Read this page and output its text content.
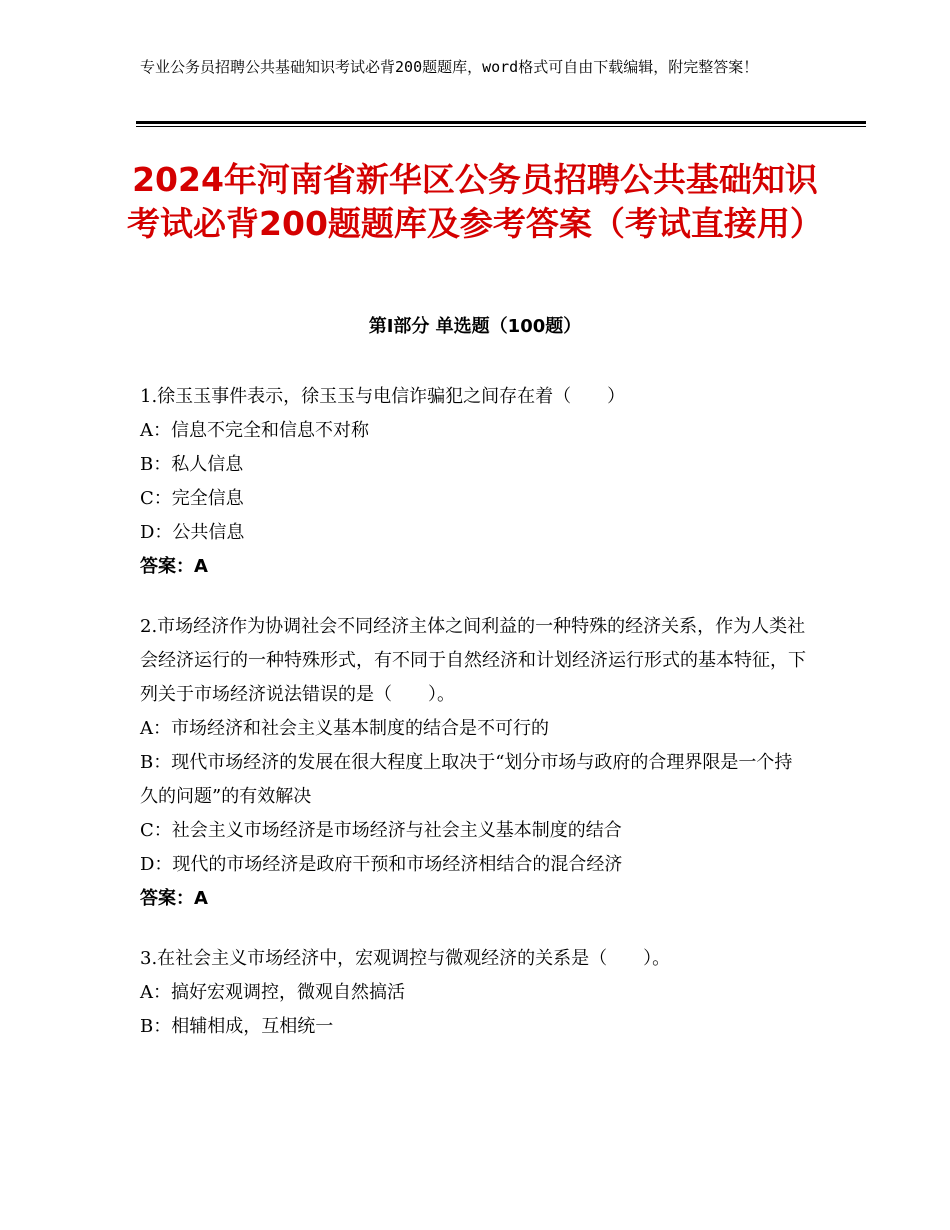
专业公务员招聘公共基础知识考试必背200题题库，word格式可自由下载编辑，附完整答案！
2024年河南省新华区公务员招聘公共基础知识考试必背200题题库及参考答案（考试直接用）
第Ⅰ部分 单选题（100题）

1.徐玉玉事件表示，徐玉玉与电信诈骗犯之间存在着（　　）

A：信息不完全和信息不对称

B：私人信息

C：完全信息

D：公共信息

答案：A

2.市场经济作为协调社会不同经济主体之间利益的一种特殊的经济关系，作为人类社会经济运行的一种特殊形式，有不同于自然经济和计划经济运行形式的基本特征，下列关于市场经济说法错误的是（　　）。

A：市场经济和社会主义基本制度的结合是不可行的

B：现代市场经济的发展在很大程度上取决于“划分市场与政府的合理界限是一个持久的问题”的有效解决

C：社会主义市场经济是市场经济与社会主义基本制度的结合

D：现代的市场经济是政府干预和市场经济相结合的混合经济

答案：A

3.在社会主义市场经济中，宏观调控与微观经济的关系是（　　）。

A：搞好宏观调控，微观自然搞活

B：相辅相成，互相统一
